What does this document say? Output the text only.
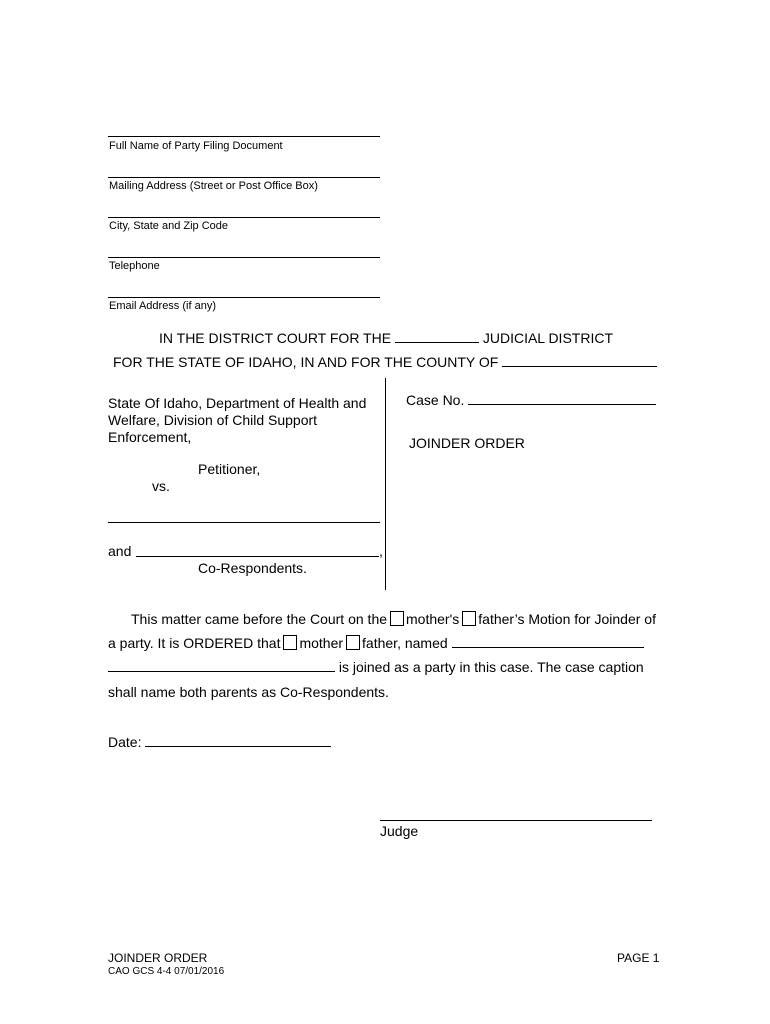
Full Name of Party Filing Document
Mailing Address (Street or Post Office Box)
City, State and Zip Code
Telephone
Email Address (if any)
IN THE DISTRICT COURT FOR THE	JUDICIAL DISTRICT
FOR THE STATE OF IDAHO, IN AND FOR THE COUNTY OF
State Of Idaho, Department of Health and
Welfare, Division of Child Support
Enforcement,
Petitioner,
vs.
and	,
Co-Respondents.
Case No.
JOINDER ORDER
This matter came before the Court on the mother's father’s Motion for Joinder of
a party. It is ORDERED that mother father, named
is joined as a party in this case. The case caption
shall name both parents as Co-Respondents.
Date:
Judge
JOINDER ORDER
CAO GCS 4-4 07/01/2016
PAGE 1
